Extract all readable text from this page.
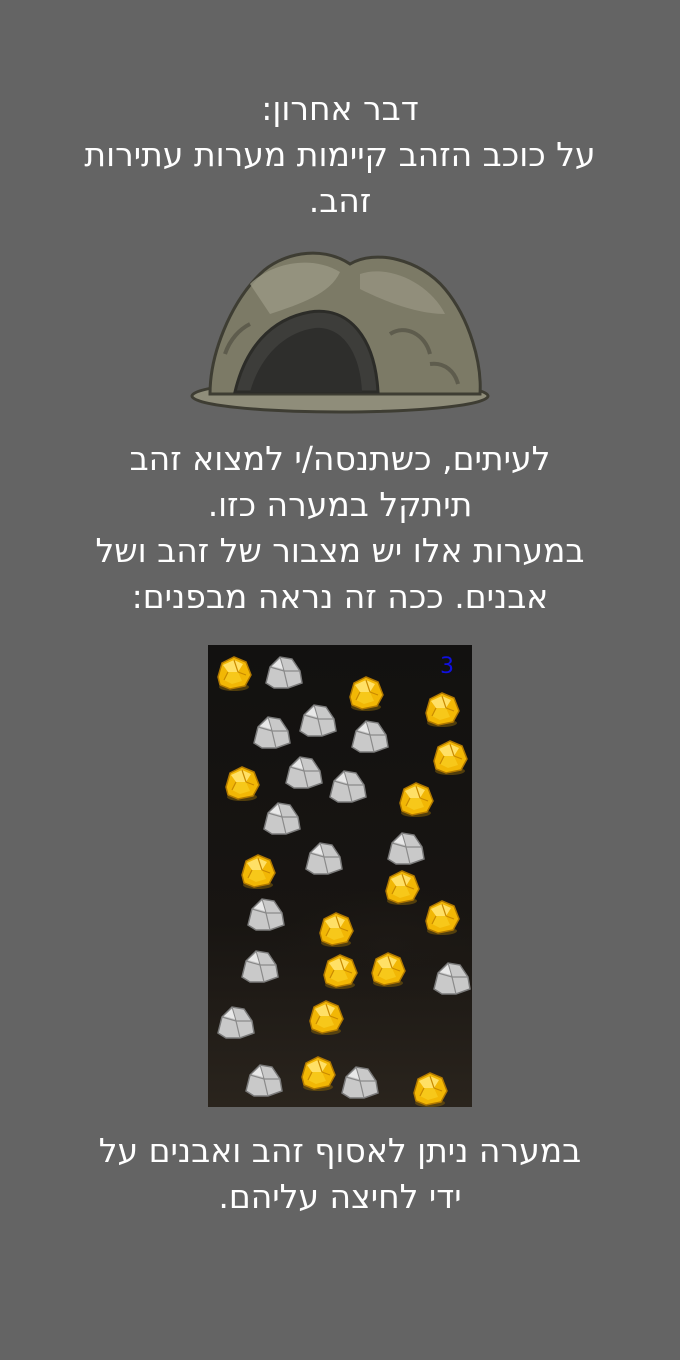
דבר אחרון:
על כוכב הזהב קיימות מערות עתירות
זהב.
לעיתים, כשתנסה/י למצוא זהב
תיתקל במערה כזו.
במערות אלו יש מצבור של זהב ושל
אבנים. ככה זה נראה מבפנים:
3
במערה ניתן לאסוף זהב ואבנים על
ידי לחיצה עליהם.
